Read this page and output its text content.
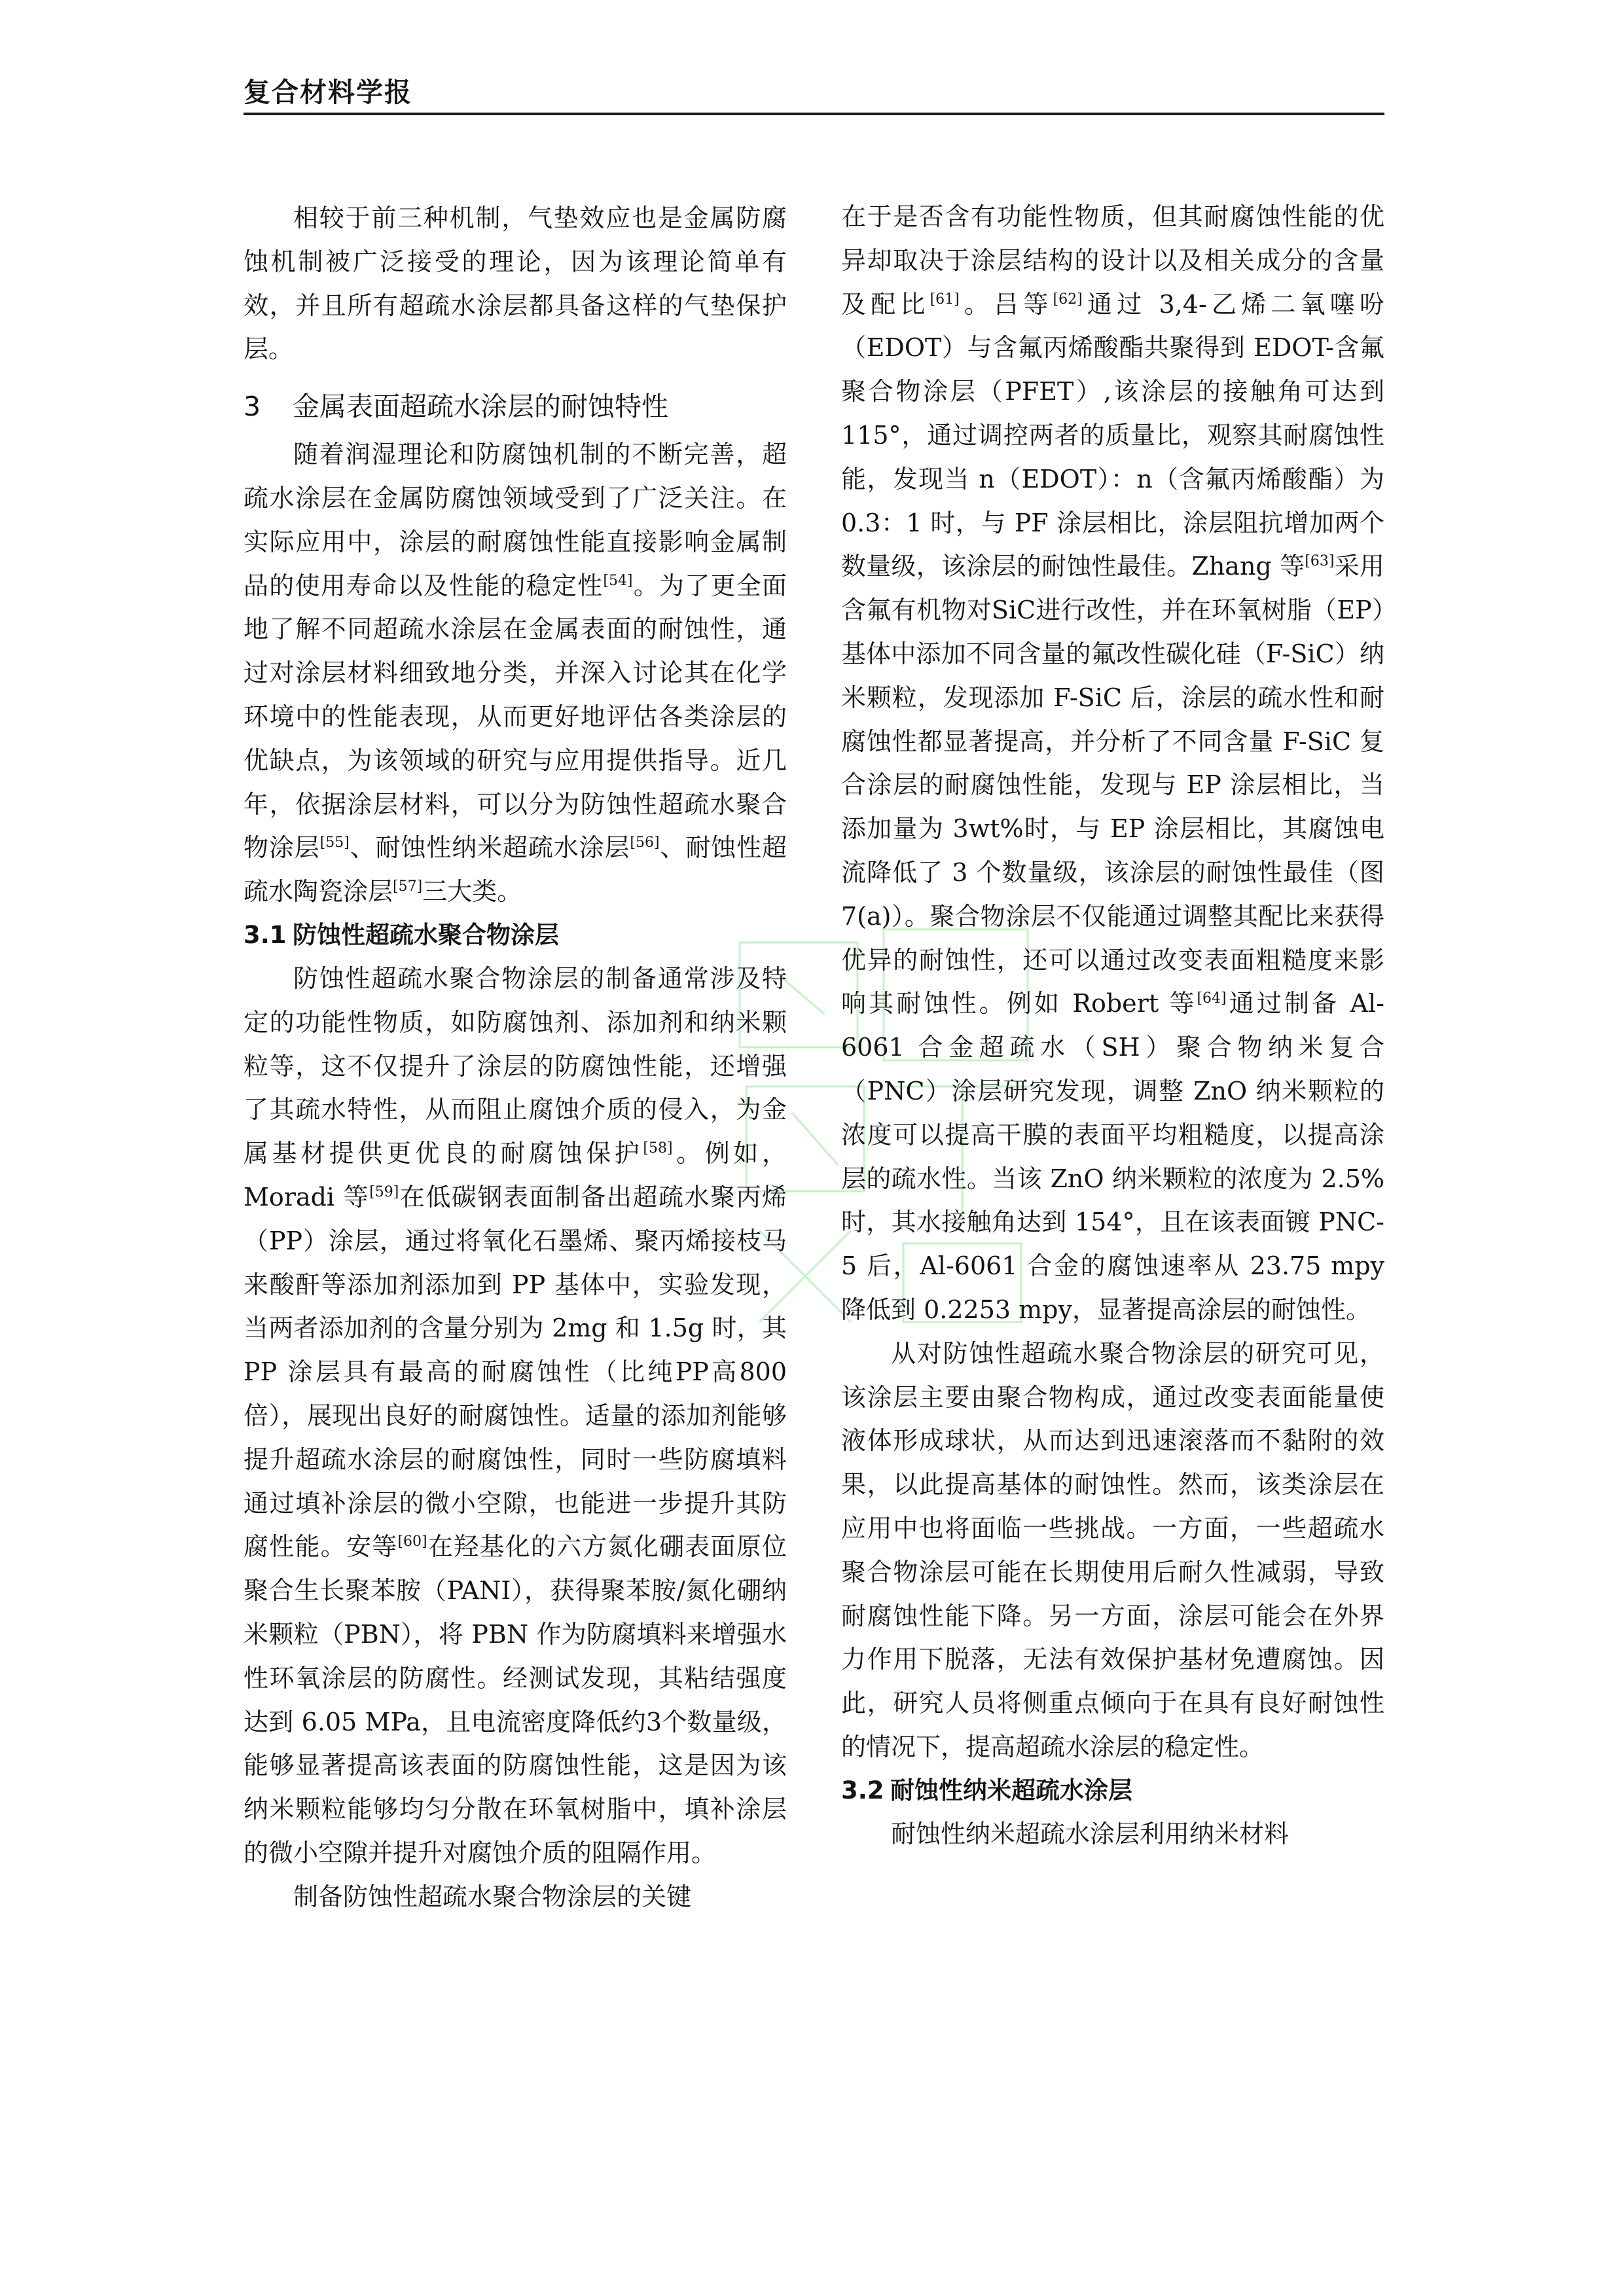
复合材料学报

相较于前三种机制，气垫效应也是金属防腐蚀机制被广泛接受的理论，因为该理论简单有效，并且所有超疏水涂层都具备这样的气垫保护层。

3 金属表面超疏水涂层的耐蚀特性

随着润湿理论和防腐蚀机制的不断完善，超疏水涂层在金属防腐蚀领域受到了广泛关注。在实际应用中，涂层的耐腐蚀性能直接影响金属制品的使用寿命以及性能的稳定性[54]。为了更全面地了解不同超疏水涂层在金属表面的耐蚀性，通过对涂层材料细致地分类，并深入讨论其在化学环境中的性能表现，从而更好地评估各类涂层的优缺点，为该领域的研究与应用提供指导。近几年，依据涂层材料，可以分为防蚀性超疏水聚合物涂层[55]、耐蚀性纳米超疏水涂层[56]、耐蚀性超疏水陶瓷涂层[57]三大类。

3.1 防蚀性超疏水聚合物涂层

防蚀性超疏水聚合物涂层的制备通常涉及特定的功能性物质，如防腐蚀剂、添加剂和纳米颗粒等，这不仅提升了涂层的防腐蚀性能，还增强了其疏水特性，从而阻止腐蚀介质的侵入，为金属基材提供更优良的耐腐蚀保护[58]。例如，Moradi 等[59]在低碳钢表面制备出超疏水聚丙烯（PP）涂层，通过将氧化石墨烯、聚丙烯接枝马来酸酐等添加剂添加到 PP 基体中，实验发现，当两者添加剂的含量分别为 2mg 和 1.5g 时，其 PP 涂层具有最高的耐腐蚀性（比纯PP高800倍），展现出良好的耐腐蚀性。适量的添加剂能够提升超疏水涂层的耐腐蚀性，同时一些防腐填料通过填补涂层的微小空隙，也能进一步提升其防腐性能。安等[60]在羟基化的六方氮化硼表面原位聚合生长聚苯胺（PANI），获得聚苯胺/氮化硼纳米颗粒（PBN），将 PBN 作为防腐填料来增强水性环氧涂层的防腐性。经测试发现，其粘结强度达到 6.05 MPa，且电流密度降低约3个数量级，能够显著提高该表面的防腐蚀性能，这是因为该纳米颗粒能够均匀分散在环氧树脂中，填补涂层的微小空隙并提升对腐蚀介质的阻隔作用。

制备防蚀性超疏水聚合物涂层的关键

在于是否含有功能性物质，但其耐腐蚀性能的优异却取决于涂层结构的设计以及相关成分的含量及配比[61]。吕等[62]通过 3,4-乙烯二氧噻吩（EDOT）与含氟丙烯酸酯共聚得到 EDOT-含氟聚合物涂层（PFET）,该涂层的接触角可达到 115°，通过调控两者的质量比，观察其耐腐蚀性能，发现当 n（EDOT）：n（含氟丙烯酸酯）为 0.3：1 时，与 PF 涂层相比，涂层阻抗增加两个数量级，该涂层的耐蚀性最佳。Zhang 等[63]采用含氟有机物对SiC进行改性，并在环氧树脂（EP）基体中添加不同含量的氟改性碳化硅（F-SiC）纳米颗粒，发现添加 F-SiC 后，涂层的疏水性和耐腐蚀性都显著提高，并分析了不同含量 F-SiC 复合涂层的耐腐蚀性能，发现与 EP 涂层相比，当添加量为 3wt%时，与 EP 涂层相比，其腐蚀电流降低了 3 个数量级，该涂层的耐蚀性最佳（图 7(a)）。聚合物涂层不仅能通过调整其配比来获得优异的耐蚀性，还可以通过改变表面粗糙度来影响其耐蚀性。例如 Robert 等[64]通过制备 Al-6061 合金超疏水（SH）聚合物纳米复合（PNC）涂层研究发现，调整 ZnO 纳米颗粒的浓度可以提高干膜的表面平均粗糙度，以提高涂层的疏水性。当该 ZnO 纳米颗粒的浓度为 2.5%时，其水接触角达到 154°，且在该表面镀 PNC-5 后，Al-6061 合金的腐蚀速率从 23.75 mpy 降低到 0.2253 mpy，显著提高涂层的耐蚀性。

从对防蚀性超疏水聚合物涂层的研究可见，该涂层主要由聚合物构成，通过改变表面能量使液体形成球状，从而达到迅速滚落而不黏附的效果，以此提高基体的耐蚀性。然而，该类涂层在应用中也将面临一些挑战。一方面，一些超疏水聚合物涂层可能在长期使用后耐久性减弱，导致耐腐蚀性能下降。另一方面，涂层可能会在外界力作用下脱落，无法有效保护基材免遭腐蚀。因此，研究人员将侧重点倾向于在具有良好耐蚀性的情况下，提高超疏水涂层的稳定性。

3.2 耐蚀性纳米超疏水涂层

耐蚀性纳米超疏水涂层利用纳米材料
